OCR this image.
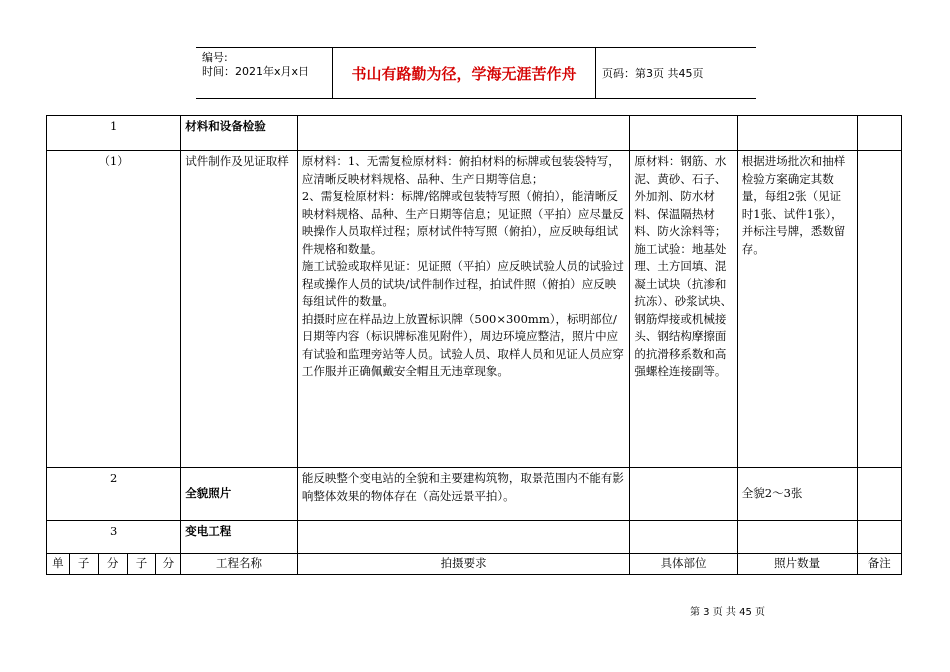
编号:
时间：2021年x月x日	书山有路勤为径，学海无涯苦作舟	页码：第3页 共45页
1					材料和设备检验				
（1）					试件制作及见证取样	原材料：1、无需复检原材料：俯拍材料的标牌或包装袋特写，应清晰反映材料规格、品种、生产日期等信息；
2、需复检原材料：标牌/铭牌或包装特写照（俯拍），能清晰反映材料规格、品种、生产日期等信息；见证照（平拍）应尽量反映操作人员取样过程；原材试件特写照（俯拍），应反映每组试件规格和数量。
施工试验或取样见证：见证照（平拍）应反映试验人员的试验过程或操作人员的试块/试件制作过程，拍试件照（俯拍）应反映每组试件的数量。
拍摄时应在样品边上放置标识牌（500×300mm），标明部位/日期等内容（标识牌标准见附件），周边环境应整洁，照片中应有试验和监理旁站等人员。试验人员、取样人员和见证人员应穿工作服并正确佩戴安全帽且无违章现象。	原材料：钢筋、水泥、黄砂、石子、外加剂、防水材料、保温隔热材料、防火涂料等；施工试验：地基处理、土方回填、混凝土试块（抗渗和抗冻）、砂浆试块、钢筋焊接或机械接头、钢结构摩擦面的抗滑移系数和高强螺栓连接副等。	根据进场批次和抽样检验方案确定其数量，每组2张（见证时1张、试件1张），并标注号牌，悉数留存。	
2					全貌照片	能反映整个变电站的全貌和主要建构筑物，取景范围内不能有影响整体效果的物体存在（高处远景平拍）。		全貌2～3张	
3					变电工程				
单	子	分	子	分	工程名称	拍摄要求	具体部位	照片数量	备注
第 3 页 共 45 页
